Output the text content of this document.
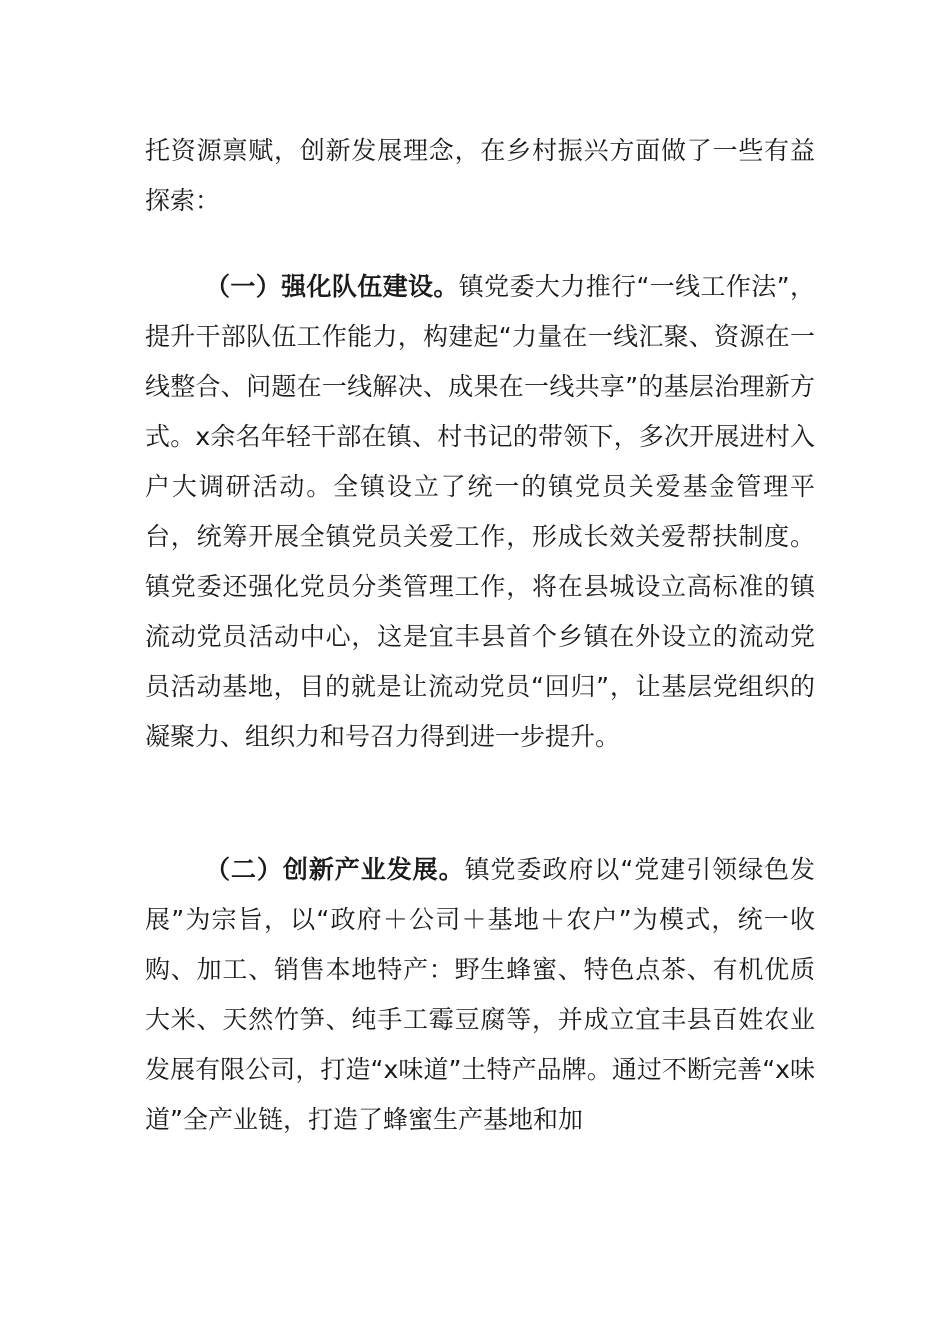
托资源禀赋，创新发展理念，在乡村振兴方面做了一些有益探索：

（一）强化队伍建设。镇党委大力推行“一线工作法”，提升干部队伍工作能力，构建起“力量在一线汇聚、资源在一线整合、问题在一线解决、成果在一线共享”的基层治理新方式。x余名年轻干部在镇、村书记的带领下，多次开展进村入户大调研活动。全镇设立了统一的镇党员关爱基金管理平台，统筹开展全镇党员关爱工作，形成长效关爱帮扶制度。镇党委还强化党员分类管理工作，将在县城设立高标准的镇流动党员活动中心，这是宜丰县首个乡镇在外设立的流动党员活动基地，目的就是让流动党员“回归”，让基层党组织的凝聚力、组织力和号召力得到进一步提升。

（二）创新产业发展。镇党委政府以“党建引领绿色发展”为宗旨，以“政府＋公司＋基地＋农户”为模式，统一收购、加工、销售本地特产：野生蜂蜜、特色点茶、有机优质大米、天然竹笋、纯手工霉豆腐等，并成立宜丰县百姓农业发展有限公司，打造“x味道”土特产品牌。通过不断完善“x味道”全产业链，打造了蜂蜜生产基地和加
